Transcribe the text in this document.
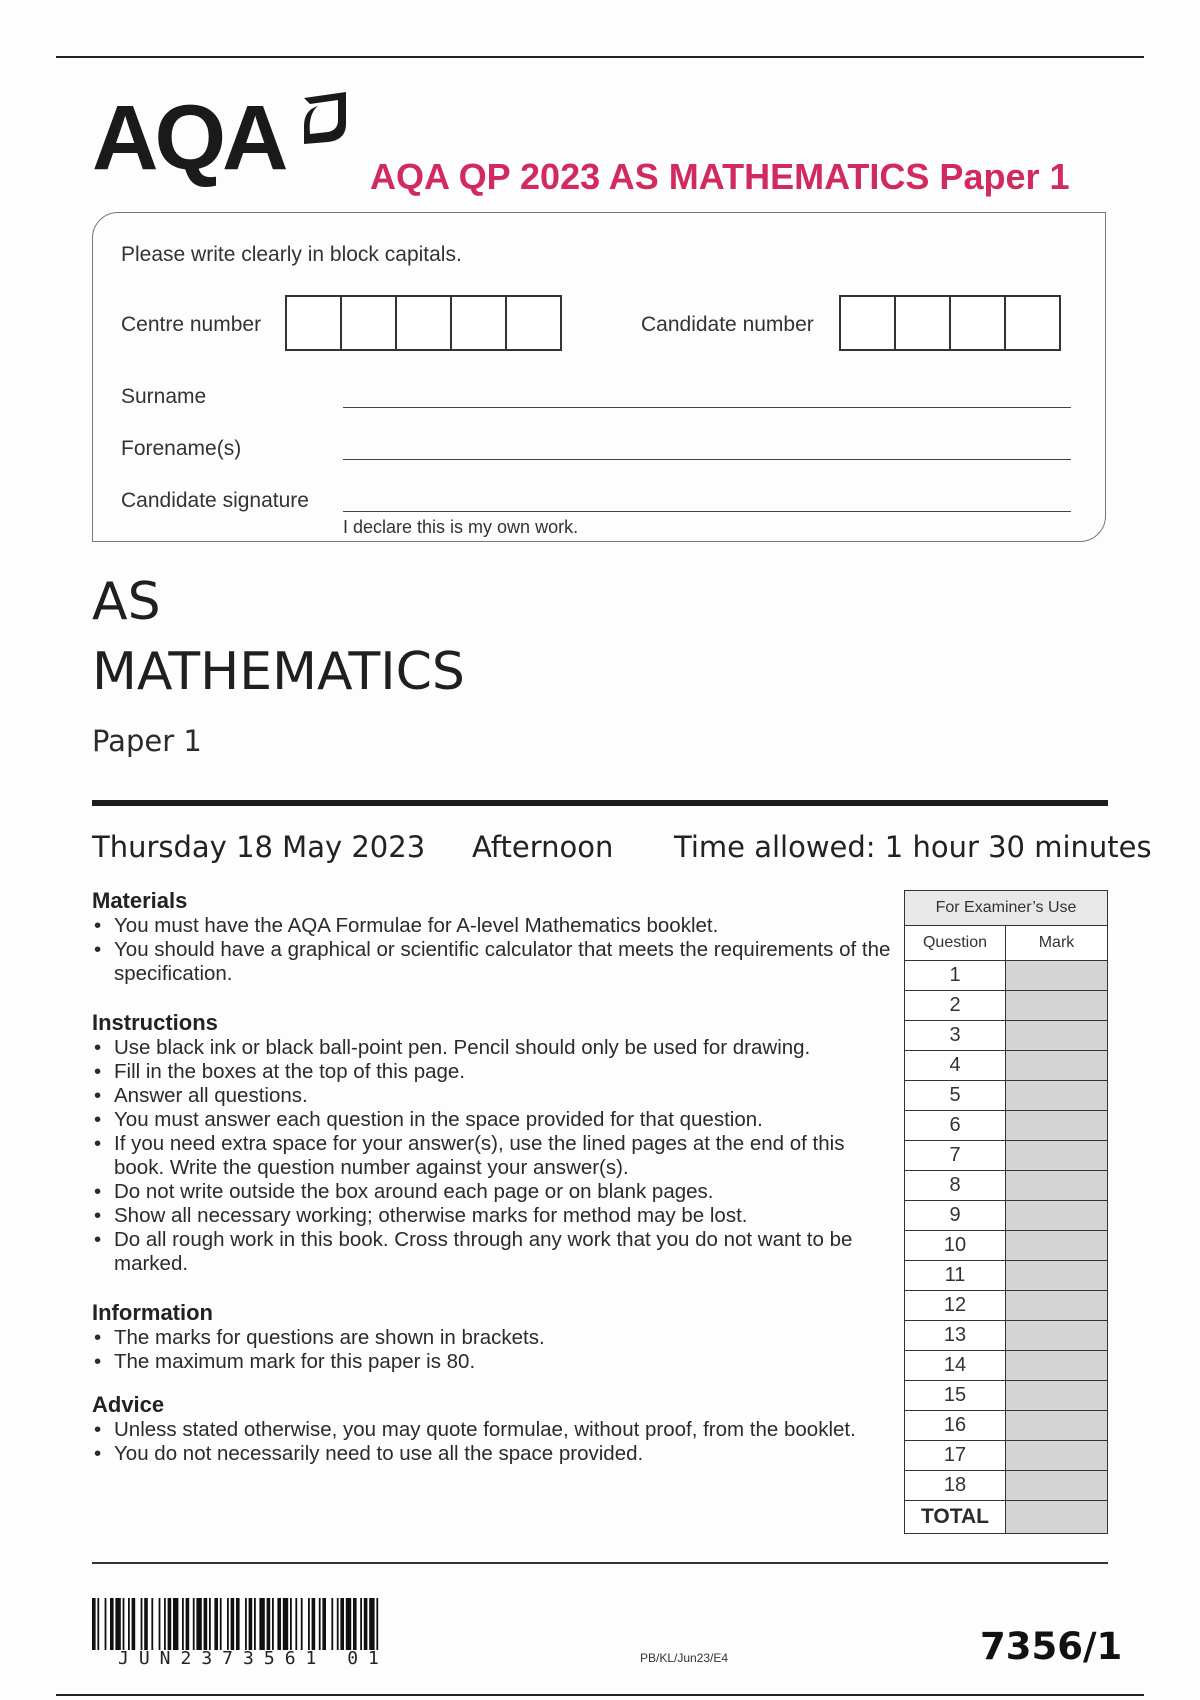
AQA AQA QP 2023 AS MATHEMATICS Paper 1
Please write clearly in block capitals.
Centre number	Candidate number
Surname
Forename(s)
Candidate signature
I declare this is my own work.
AS
MATHEMATICS
Paper 1
Thursday 18 May 2023 Afternoon Time allowed: 1 hour 30 minutes
Materials
• You must have the AQA Formulae for A-level Mathematics booklet.
• You should have a graphical or scientific calculator that meets the requirements of the specification.
Instructions
• Use black ink or black ball-point pen. Pencil should only be used for drawing.
• Fill in the boxes at the top of this page.
• Answer all questions.
• You must answer each question in the space provided for that question.
• If you need extra space for your answer(s), use the lined pages at the end of this book. Write the question number against your answer(s).
• Do not write outside the box around each page or on blank pages.
• Show all necessary working; otherwise marks for method may be lost.
• Do all rough work in this book. Cross through any work that you do not want to be marked.
Information
• The marks for questions are shown in brackets.
• The maximum mark for this paper is 80.
Advice
• Unless stated otherwise, you may quote formulae, without proof, from the booklet.
• You do not necessarily need to use all the space provided.
For Examiner’s Use	
Question	Mark
1	
2	
3	
4	
5	
6	
7	
8	
9	
10	
11	
12	
13	
14	
15	
16	
17	
18	
TOTAL	
JUN2373561 01	PB/KL/Jun23/E4	7356/1
